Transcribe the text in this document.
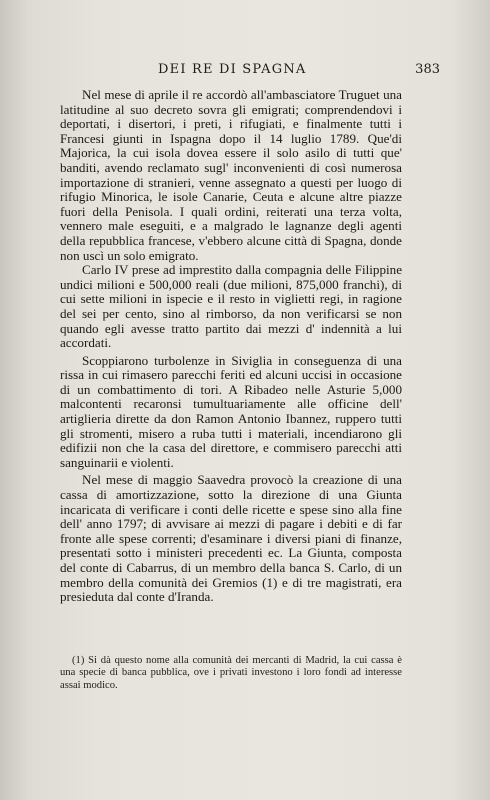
DEI RE DI SPAGNA	383

Nel mese di aprile il re accordò all'ambasciatore Truguet una latitudine al suo decreto sovra gli emigrati; comprendendovi i deportati, i disertori, i preti, i rifugiati, e finalmente tutti i Francesi giunti in Ispagna dopo il 14 luglio 1789. Que'di Majorica, la cui isola dovea essere il solo asilo di tutti que' banditi, avendo reclamato sugl' inconvenienti di così numerosa importazione di stranieri, venne assegnato a questi per luogo di rifugio Minorica, le isole Canarie, Ceuta e alcune altre piazze fuori della Penisola. I quali ordini, reiterati una terza volta, vennero male eseguiti, e a malgrado le lagnanze degli agenti della repubblica francese, v'ebbero alcune città di Spagna, donde non uscì un solo emigrato.

Carlo IV prese ad imprestito dalla compagnia delle Filippine undici milioni e 500,000 reali (due milioni, 875,000 franchi), di cui sette milioni in ispecie e il resto in viglietti regi, in ragione del sei per cento, sino al rimborso, da non verificarsi se non quando egli avesse tratto partito dai mezzi d' indennità a lui accordati.

Scoppiarono turbolenze in Siviglia in conseguenza di una rissa in cui rimasero parecchi feriti ed alcuni uccisi in occasione di un combattimento di tori. A Ribadeo nelle Asturie 5,000 malcontenti recaronsi tumultuariamente alle officine dell' artiglieria dirette da don Ramon Antonio Ibannez, ruppero tutti gli stromenti, misero a ruba tutti i materiali, incendiarono gli edifizii non che la casa del direttore, e commisero parecchi atti sanguinarii e violenti.

Nel mese di maggio Saavedra provocò la creazione di una cassa di amortizzazione, sotto la direzione di una Giunta incaricata di verificare i conti delle ricette e spese sino alla fine dell' anno 1797; di avvisare ai mezzi di pagare i debiti e di far fronte alle spese correnti; d'esaminare i diversi piani di finanze, presentati sotto i ministeri precedenti ec. La Giunta, composta del conte di Cabarrus, di un membro della banca S. Carlo, di un membro della comunità dei Gremios (1) e di tre magistrati, era presieduta dal conte d'Iranda.

(1) Si dà questo nome alla comunità dei mercanti di Madrid, la cui cassa è una specie di banca pubblica, ove i privati investono i loro fondi ad interesse assai modico.
